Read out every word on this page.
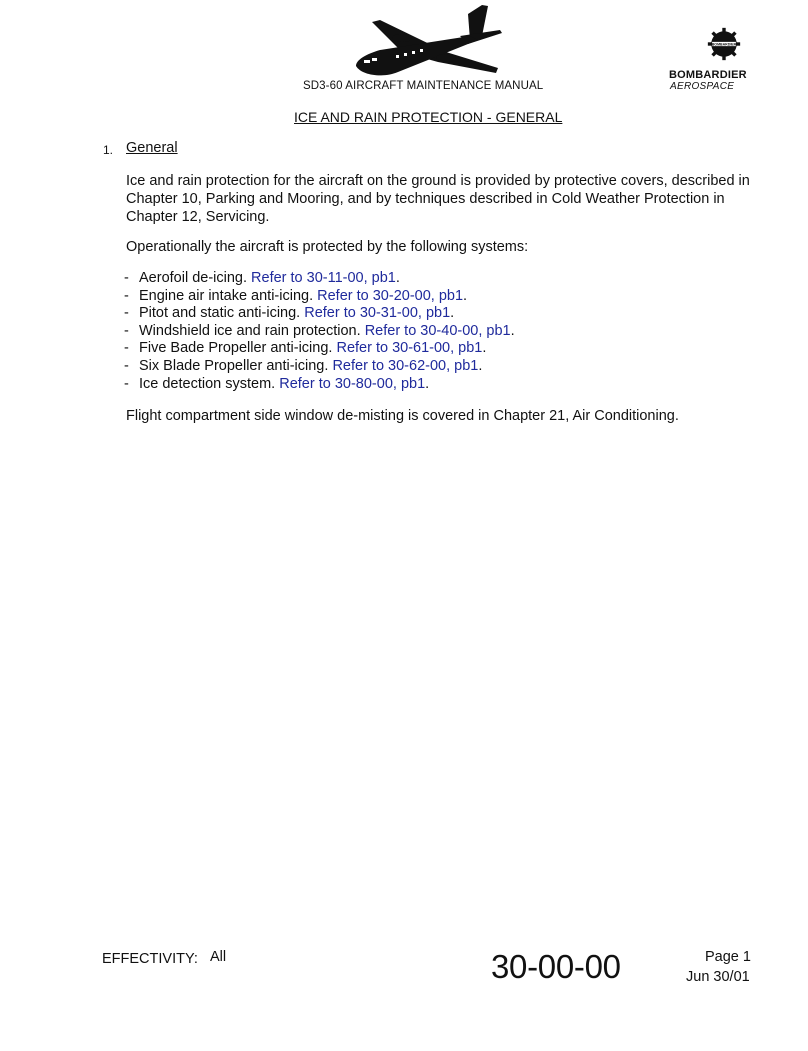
SD3-60 AIRCRAFT MAINTENANCE MANUAL
BOMBARDIER
BOMBARDIER
AEROSPACE
ICE AND RAIN PROTECTION - GENERAL
1. General
Ice and rain protection for the aircraft on the ground is provided by protective covers, described in Chapter 10, Parking and Mooring, and by techniques described in Cold Weather Protection in Chapter 12, Servicing.
Operationally the aircraft is protected by the following systems:
- Aerofoil de-icing. Refer to 30-11-00, pb1.
- Engine air intake anti-icing. Refer to 30-20-00, pb1.
- Pitot and static anti-icing. Refer to 30-31-00, pb1.
- Windshield ice and rain protection. Refer to 30-40-00, pb1.
- Five Bade Propeller anti-icing. Refer to 30-61-00, pb1.
- Six Blade Propeller anti-icing. Refer to 30-62-00, pb1.
- Ice detection system. Refer to 30-80-00, pb1.
Flight compartment side window de-misting is covered in Chapter 21, Air Conditioning.
EFFECTIVITY: All	30-00-00	Page 1
Jun 30/01
